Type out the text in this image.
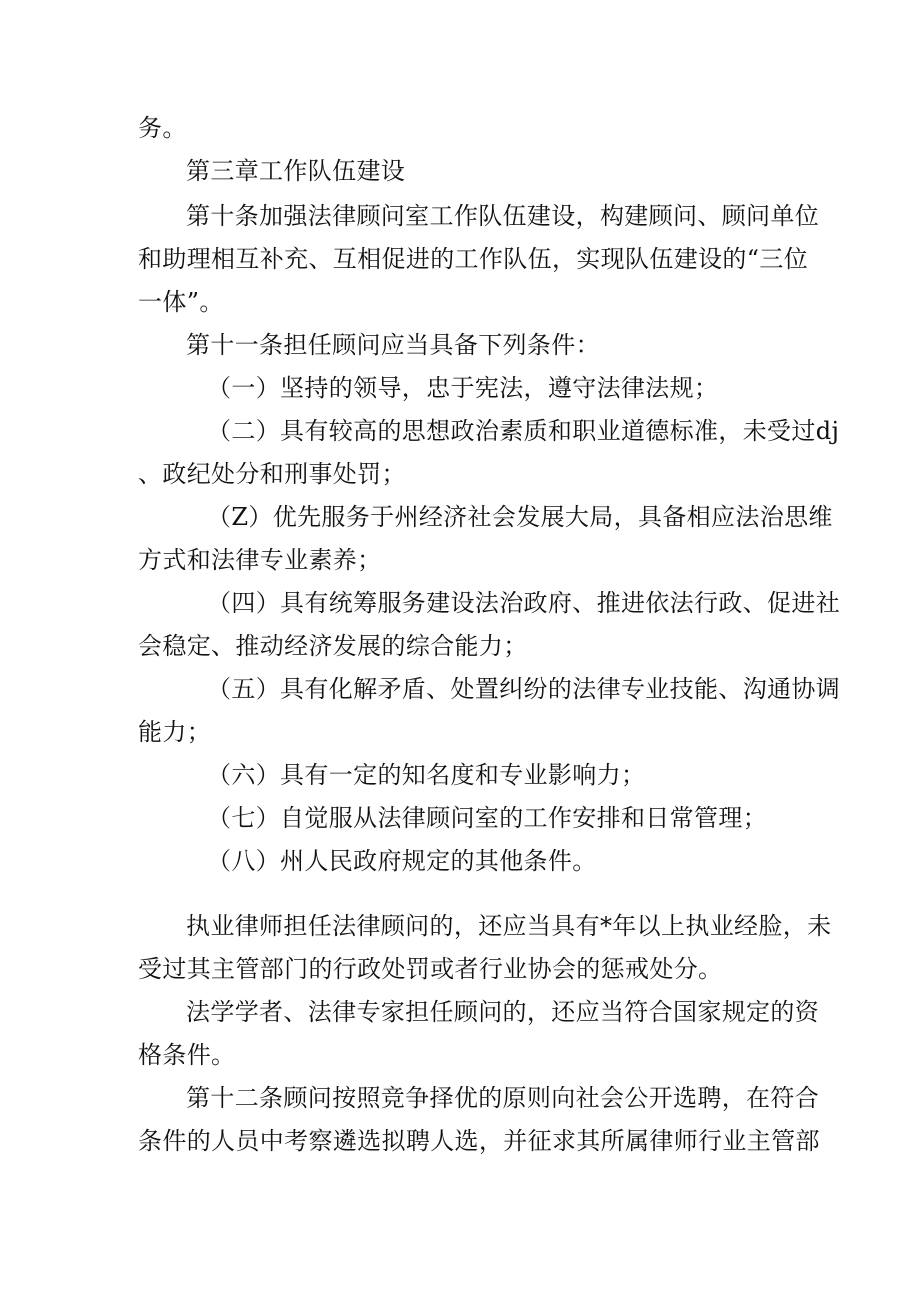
务。
第三章工作队伍建设
第十条加强法律顾问室工作队伍建设，构建顾问、顾问单位
和助理相互补充、互相促进的工作队伍，实现队伍建设的“三位
一体”。
第十一条担任顾问应当具备下列条件：
（一）坚持的领导，忠于宪法，遵守法律法规；
（二）具有较高的思想政治素质和职业道德标准，未受过dj
、政纪处分和刑事处罚；
（Z）优先服务于州经济社会发展大局，具备相应法治思维
方式和法律专业素养；
（四）具有统筹服务建设法治政府、推进依法行政、促进社
会稳定、推动经济发展的综合能力；
（五）具有化解矛盾、处置纠纷的法律专业技能、沟通协调
能力；
（六）具有一定的知名度和专业影响力；
（七）自觉服从法律顾问室的工作安排和日常管理；
（八）州人民政府规定的其他条件。
执业律师担任法律顾问的，还应当具有*年以上执业经脸，未
受过其主管部门的行政处罚或者行业协会的惩戒处分。
法学学者、法律专家担任顾问的，还应当符合国家规定的资
格条件。
第十二条顾问按照竞争择优的原则向社会公开选聘，在符合
条件的人员中考察遴选拟聘人选，并征求其所属律师行业主管部
